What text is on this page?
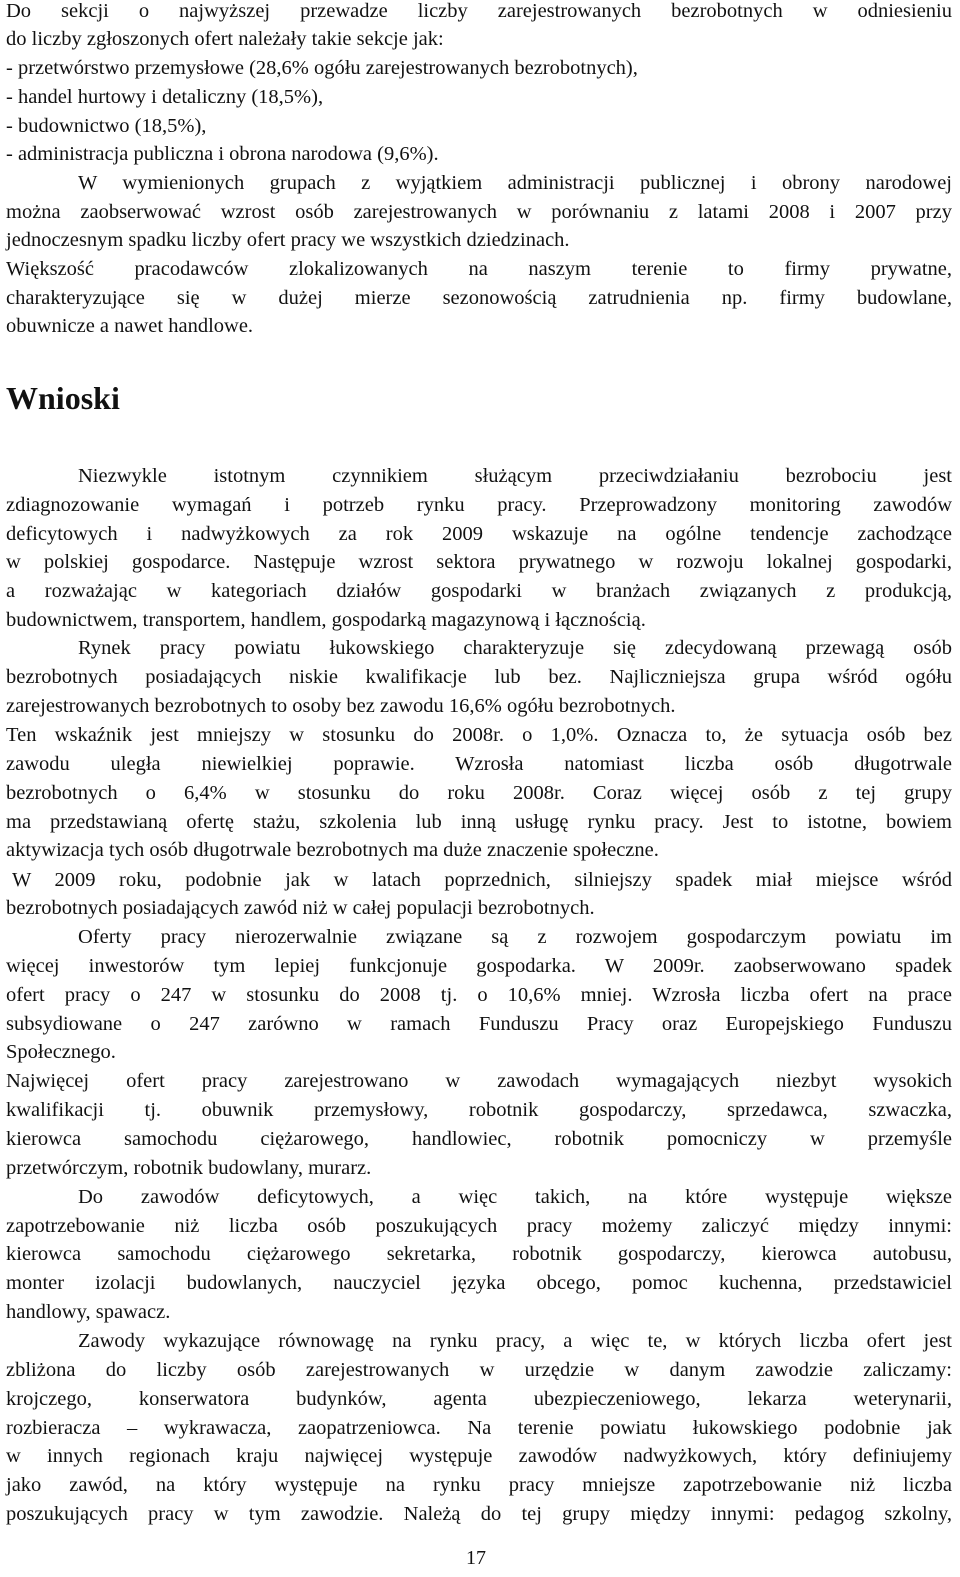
Do sekcji o najwyższej przewadze liczby zarejestrowanych bezrobotnych w odniesieniu
do liczby zgłoszonych ofert należały takie sekcje jak:
- przetwórstwo przemysłowe (28,6% ogółu zarejestrowanych bezrobotnych),
- handel hurtowy i detaliczny (18,5%),
- budownictwo (18,5%),
- administracja publiczna i obrona narodowa (9,6%).
W wymienionych grupach z wyjątkiem administracji publicznej i obrony narodowej
można zaobserwować wzrost osób zarejestrowanych w porównaniu z latami 2008 i 2007 przy
jednoczesnym spadku liczby ofert pracy we wszystkich dziedzinach.
Większość pracodawców zlokalizowanych na naszym terenie to firmy prywatne,
charakteryzujące się w dużej mierze sezonowością zatrudnienia np. firmy budowlane,
obuwnicze a nawet handlowe.
Wnioski
Niezwykle istotnym czynnikiem służącym przeciwdziałaniu bezrobociu jest
zdiagnozowanie wymagań i potrzeb rynku pracy. Przeprowadzony monitoring zawodów
deficytowych i nadwyżkowych za rok 2009 wskazuje na ogólne tendencje zachodzące
w polskiej gospodarce. Następuje wzrost sektora prywatnego w rozwoju lokalnej gospodarki,
a rozważając w kategoriach działów gospodarki w branżach związanych z produkcją,
budownictwem, transportem, handlem, gospodarką magazynową i łącznością.
Rynek pracy powiatu łukowskiego charakteryzuje się zdecydowaną przewagą osób
bezrobotnych posiadających niskie kwalifikacje lub bez. Najliczniejsza grupa wśród ogółu
zarejestrowanych bezrobotnych to osoby bez zawodu 16,6% ogółu bezrobotnych.
Ten wskaźnik jest mniejszy w stosunku do 2008r. o 1,0%. Oznacza to, że sytuacja osób bez
zawodu uległa niewielkiej poprawie. Wzrosła natomiast liczba osób długotrwale
bezrobotnych o 6,4% w stosunku do roku 2008r. Coraz więcej osób z tej grupy
ma przedstawianą ofertę stażu, szkolenia lub inną usługę rynku pracy. Jest to istotne, bowiem
aktywizacja tych osób długotrwale bezrobotnych ma duże znaczenie społeczne.
W 2009 roku, podobnie jak w latach poprzednich, silniejszy spadek miał miejsce wśród
bezrobotnych posiadających zawód niż w całej populacji bezrobotnych.
Oferty pracy nierozerwalnie związane są z rozwojem gospodarczym powiatu im
więcej inwestorów tym lepiej funkcjonuje gospodarka. W 2009r. zaobserwowano spadek
ofert pracy o 247 w stosunku do 2008 tj. o 10,6% mniej. Wzrosła liczba ofert na prace
subsydiowane o 247 zarówno w ramach Funduszu Pracy oraz Europejskiego Funduszu
Społecznego.
Najwięcej ofert pracy zarejestrowano w zawodach wymagających niezbyt wysokich
kwalifikacji tj. obuwnik przemysłowy, robotnik gospodarczy, sprzedawca, szwaczka,
kierowca samochodu ciężarowego, handlowiec, robotnik pomocniczy w przemyśle
przetwórczym, robotnik budowlany, murarz.
Do zawodów deficytowych, a więc takich, na które występuje większe
zapotrzebowanie niż liczba osób poszukujących pracy możemy zaliczyć między innymi:
kierowca samochodu ciężarowego sekretarka, robotnik gospodarczy, kierowca autobusu,
monter izolacji budowlanych, nauczyciel języka obcego, pomoc kuchenna, przedstawiciel
handlowy, spawacz.
Zawody wykazujące równowagę na rynku pracy, a więc te, w których liczba ofert jest
zbliżona do liczby osób zarejestrowanych w urzędzie w danym zawodzie zaliczamy:
krojczego, konserwatora budynków, agenta ubezpieczeniowego, lekarza weterynarii,
rozbieracza – wykrawacza, zaopatrzeniowca. Na terenie powiatu łukowskiego podobnie jak
w innych regionach kraju najwięcej występuje zawodów nadwyżkowych, który definiujemy
jako zawód, na który występuje na rynku pracy mniejsze zapotrzebowanie niż liczba
poszukujących pracy w tym zawodzie. Należą do tej grupy między innymi: pedagog szkolny,
17
